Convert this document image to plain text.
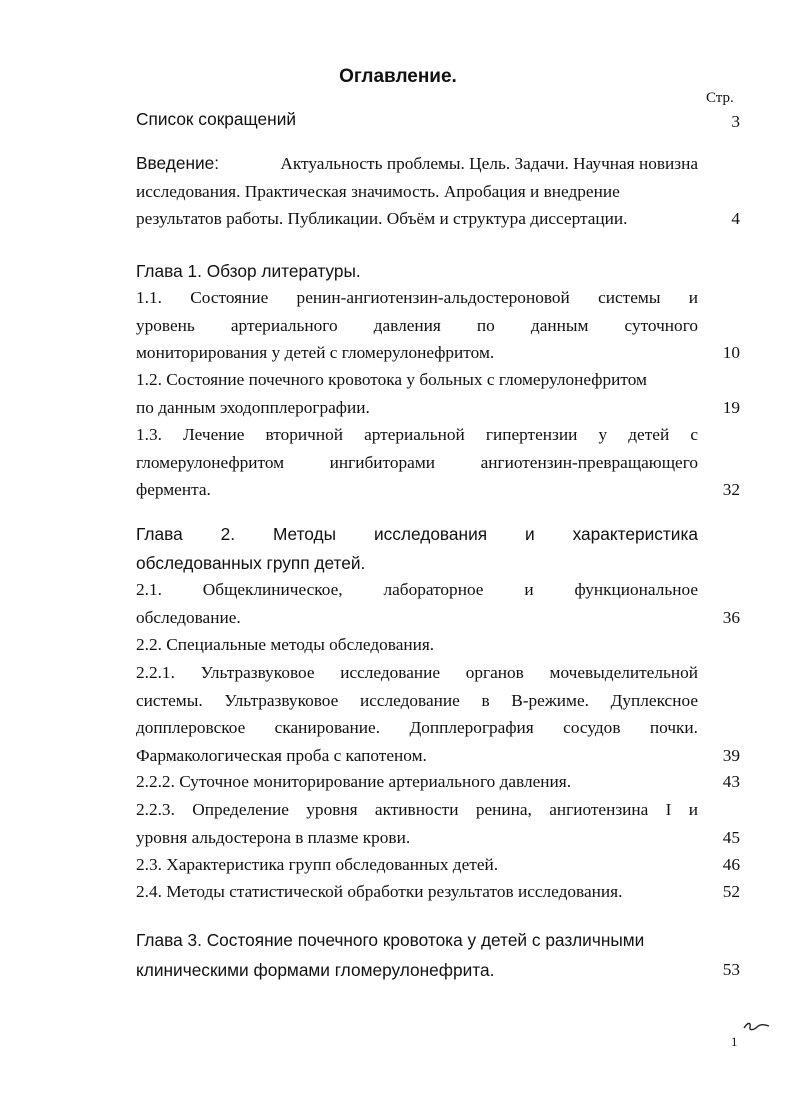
Оглавление.
Стр.
Список сокращений	3
Введение:	Актуальность проблемы. Цель. Задачи. Научная новизна
исследования. Практическая значимость. Апробация и внедрение
результатов работы. Публикации. Объём и структура диссертации.	4
Глава 1. Обзор литературы.
1.1. Состояние ренин-ангиотензин-альдостероновой системы и
уровень артериального давления по данным суточного
мониторирования у детей с гломерулонефритом.	10
1.2. Состояние почечного кровотока у больных с гломерулонефритом
по данным эходопплерографии.	19
1.3. Лечение вторичной артериальной гипертензии у детей с
гломерулонефритом ингибиторами ангиотензин-превращающего
фермента.	32
Глава 2. Методы исследования и характеристика
обследованных групп детей.
2.1. Общеклиническое, лабораторное и функциональное
обследование.	36
2.2. Специальные методы обследования.
2.2.1. Ультразвуковое исследование органов мочевыделительной
системы. Ультразвуковое исследование в В-режиме. Дуплексное
допплеровское сканирование. Допплерография сосудов почки.
Фармакологическая проба с капотеном.	39
2.2.2. Суточное мониторирование артериального давления.	43
2.2.3. Определение уровня активности ренина, ангиотензина I и
уровня альдостерона в плазме крови.	45
2.3. Характеристика групп обследованных детей.	46
2.4. Методы статистической обработки результатов исследования.	52
Глава 3. Состояние почечного кровотока у детей с различными
клиническими формами гломерулонефрита.	53
1
